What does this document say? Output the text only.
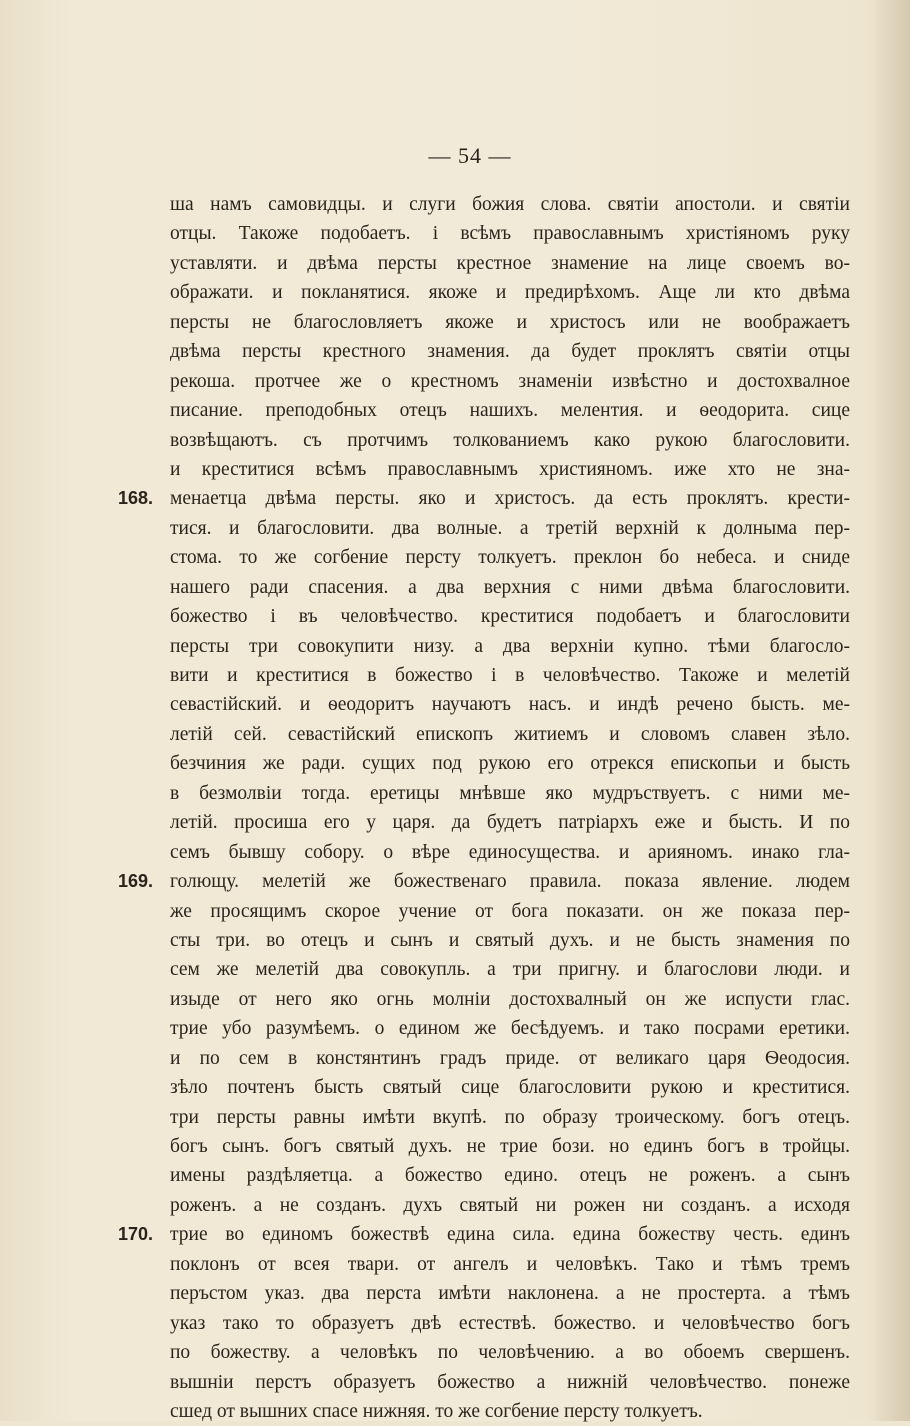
— 54 —
ша намъ самовидцы. и слуги божия слова. святiи апостоли. и святiи
отцы. Такоже подобаетъ. i всѣмъ православнымъ христiяномъ руку
уставляти. и двѣма персты крестное знамение на лице своемъ во-
ображати. и покланятися. якоже и предирѣхомъ. Аще ли кто двѣма
персты не благословляетъ якоже и христосъ или не воображаетъ
двѣма персты крестного знамения. да будет проклятъ святiи отцы
рекоша. протчее же о крестномъ знаменiи извѣстно и достохвалное
писание. преподобных отецъ нашихъ. мелентия. и ѳеодорита. сице
возвѣщаютъ. съ протчимъ толкованиемъ како рукою благословити.
и креститися всѣмъ православнымъ християномъ. иже хто не зна-
168. менаетца двѣма персты. яко и христосъ. да есть проклятъ. крести-
тися. и благословити. два волные. а третiй верхнiй к долныма пер-
стома. то же согбение персту толкуетъ. преклон бо небеса. и сниде
нашего ради спасения. а два верхния с ними двѣма благословити.
божество i въ человѣчество. креститися подобаетъ и благословити
персты три совокупити низу. а два верхнiи купно. тѣми благосло-
вити и креститися в божество i в человѣчество. Такоже и мелетiй
севастiйский. и ѳеодоритъ научаютъ насъ. и индѣ речено бысть. ме-
летiй сей. севастiйский епископъ житиемъ и словомъ славен зѣло.
безчиния же ради. сущих под рукою его отрекся епископьи и бысть
в безмолвiи тогда. еретицы мнѣвше яко мудръствуетъ. с ними ме-
летiй. просиша его у царя. да будетъ патрiархъ еже и бысть. И по
семъ бывшу собору. о вѣре единосущества. и арияномъ. инако гла-
169. голющу. мелетiй же божественаго правила. показа явление. людем
же просящимъ скорое учение от бога показати. он же показа пер-
сты три. во отецъ и сынъ и святый духъ. и не бысть знамения по
сем же мелетiй два совокупль. а три пригну. и благослови люди. и
изыде от него яко огнь молнiи достохвалный он же испусти глас.
трие убо разумѣемъ. о едином же бесѣдуемъ. и тако посрами еретики.
и по сем в констянтинъ градъ приде. от великаго царя Ѳеодосия.
зѣло почтенъ бысть святый сице благословити рукою и креститися.
три персты равны имѣти вкупѣ. по образу троическому. богъ отецъ.
богъ сынъ. богъ святый духъ. не трие бози. но единъ богъ в тройцы.
имены раздѣляетца. а божество едино. отецъ не роженъ. а сынъ
роженъ. а не созданъ. духъ святый ни рожен ни созданъ. а исходя
170. трие во единомъ божествѣ едина сила. едина божеству честь. единъ
поклонъ от всея твари. от ангелъ и человѣкъ. Тако и тѣмъ тремъ
перъстом указ. два перста имѣти наклонена. а не простерта. а тѣмъ
указ тако то образуетъ двѣ естествѣ. божество. и человѣчество богъ
по божеству. а человѣкъ по человѣчению. а во обоемъ свершенъ.
вышнiи перстъ образуетъ божество а нижнiй человѣчество. понеже
сшед от вышних спасе нижняя. то же согбение персту толкуетъ.
